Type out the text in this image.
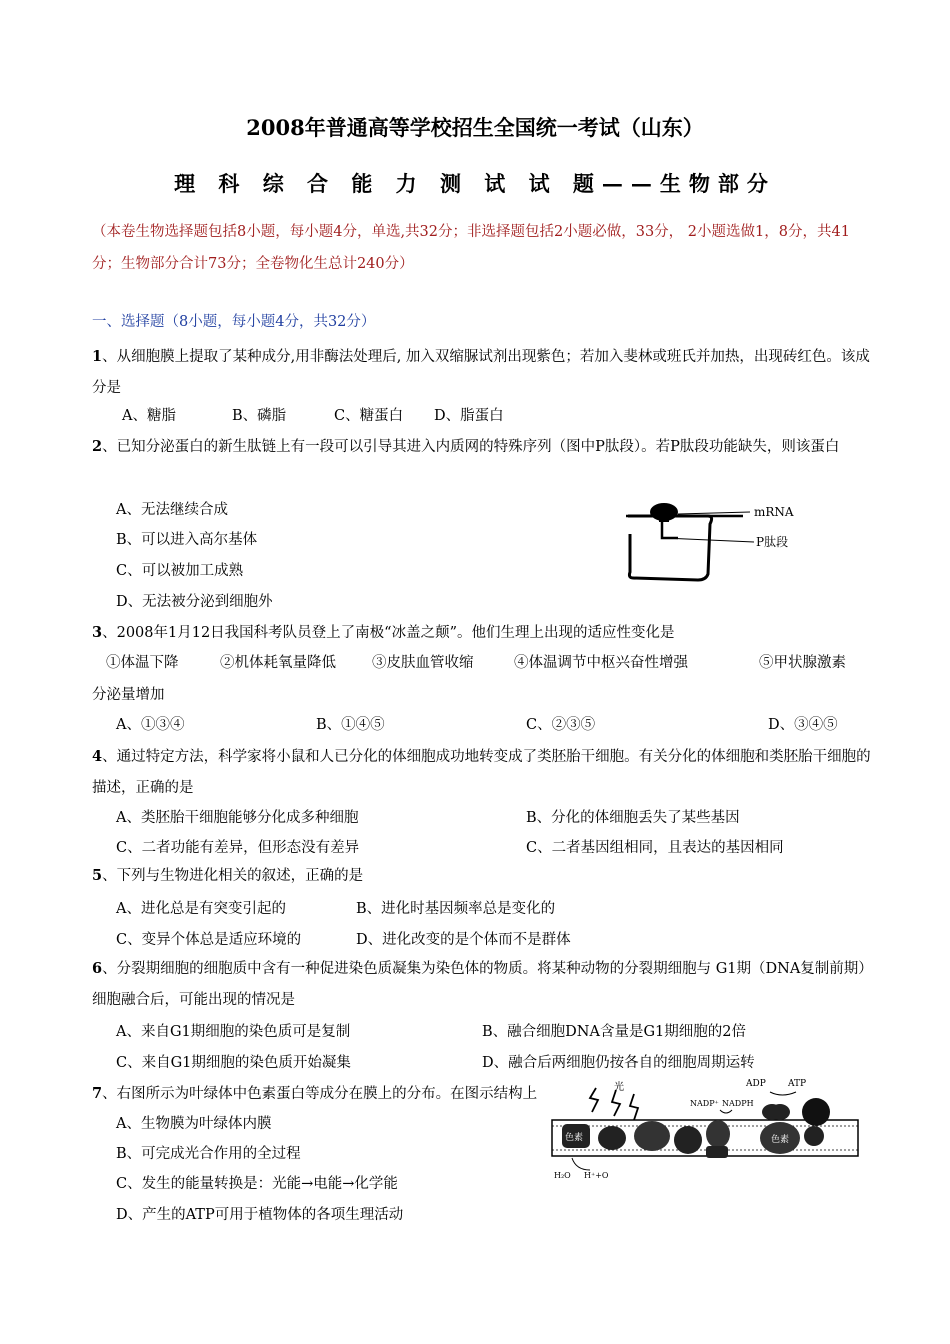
2008年普通高等学校招生全国统一考试（山东）
理 科 综 合 能 力 测 试 试 题——生物部分
（本卷生物选择题包括8小题，每小题4分，单选,共32分；非选择题包括2小题必做，33分， 2小题选做1，8分，共41分；生物部分合计73分；全卷物化生总计240分）
一、选择题（8小题，每小题4分，共32分）
1、从细胞膜上提取了某种成分,用非酶法处理后, 加入双缩脲试剂出现紫色；若加入斐林或班氏并加热，出现砖红色。该成分是
A、糖脂	B、磷脂	C、糖蛋白 D、脂蛋白
2、已知分泌蛋白的新生肽链上有一段可以引导其进入内质网的特殊序列（图中P肽段）。若P肽段功能缺失，则该蛋白
A、无法继续合成
B、可以进入高尔基体
C、可以被加工成熟
D、无法被分泌到细胞外
mRNA
P肽段
3、2008年1月12日我国科考队员登上了南极“冰盖之颠”。他们生理上出现的适应性变化是
①体温下降	②机体耗氧量降低 ③皮肤血管收缩	④体温调节中枢兴奋性增强	⑤甲状腺激素
分泌量增加
A、①③④	B、①④⑤	C、②③⑤	D、③④⑤
4、通过特定方法，科学家将小鼠和人已分化的体细胞成功地转变成了类胚胎干细胞。有关分化的体细胞和类胚胎干细胞的描述，正确的是
A、类胚胎干细胞能够分化成多种细胞	B、分化的体细胞丢失了某些基因
C、二者功能有差异，但形态没有差异	C、二者基因组相同，且表达的基因相同
5、下列与生物进化相关的叙述，正确的是
A、进化总是有突变引起的	B、进化时基因频率总是变化的
C、变异个体总是适应环境的	D、进化改变的是个体而不是群体
6、分裂期细胞的细胞质中含有一种促进染色质凝集为染色体的物质。将某种动物的分裂期细胞与 G1期（DNA复制前期）细胞融合后，可能出现的情况是
A、来自G1期细胞的染色质可是复制	B、融合细胞DNA含量是G1期细胞的2倍
C、来自G1期细胞的染色质开始凝集	D、融合后两细胞仍按各自的细胞周期运转
7、右图所示为叶绿体中色素蛋白等成分在膜上的分布。在图示结构上
A、生物膜为叶绿体内膜
B、可完成光合作用的全过程
C、发生的能量转换是：光能→电能→化学能
D、产生的ATP可用于植物体的各项生理活动
色素	色素
光	ADP ATP
NADP⁺ NADPH
H₂O H⁺+O
